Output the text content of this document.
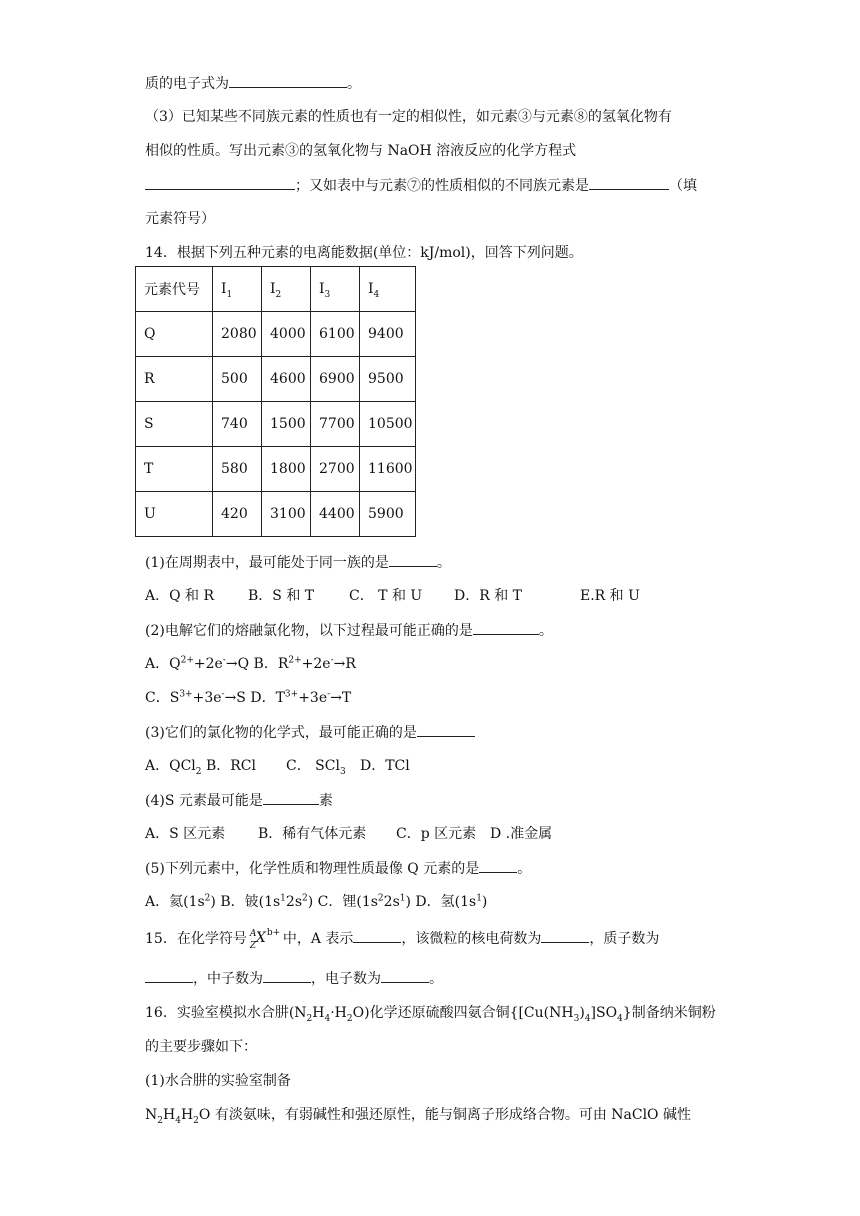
质的电子式为	。
（3）已知某些不同族元素的性质也有一定的相似性，如元素③与元素⑧的氢氧化物有
相似的性质。写出元素③的氢氧化物与 NaOH 溶液反应的化学方程式
；又如表中与元素⑦的性质相似的不同族元素是	（填
元素符号）
14．根据下列五种元素的电离能数据(单位：kJ/mol)，回答下列问题。
元素代号	$I_1$	$I_2$	$I_3$	$I_4$
Q	2080	4000	6100	9400
R	500	4600	6900	9500
S	740	1500	7700	10500
T	580	1800	2700	11600
U	420	3100	4400	5900
(1)在周期表中，最可能处于同一族的是	。
A．Q 和 R B．S 和 T C． T 和 U D．R 和 T	E.R 和 U
(2)电解它们的熔融氯化物，以下过程最可能正确的是	。
A．$Q^{2+}+2e^-\to Q$ B．$R^{2+}+2e^-\to R$
C．$S^{3+}+3e^-\to S$ D．$T^{3+}+3e^-\to T$
(3)它们的氯化物的化学式，最可能正确的是
A．QCl$_2$ B．RCl C． SCl$_3$ D．TCl
(4)S 元素最可能是	素
A．S 区元素 B．稀有气体元素 C．p 区元素 D .准金属
(5)下列元素中，化学性质和物理性质最像 Q 元素的是	。
A．氦$(1s^2)$ B．铍$(1s^12s^2)$ C．锂$(1s^22s^1)$ D．氢$(1s^1)$
15．在化学符号 A
Z X b+ 中，A 表示	，该微粒的核电荷数为	，质子数为
，中子数为	，电子数为	。
16．实验室模拟水合肼$(N_2H_4\cdot H_2O)$化学还原硫酸四氨合铜$\{[Cu(NH_3)_4]SO_4\}$制备纳米铜粉
的主要步骤如下：
(1)水合肼的实验室制备
$N_2H_4H_2O$ 有淡氨味，有弱碱性和强还原性，能与铜离子形成络合物。可由 NaClO 碱性
